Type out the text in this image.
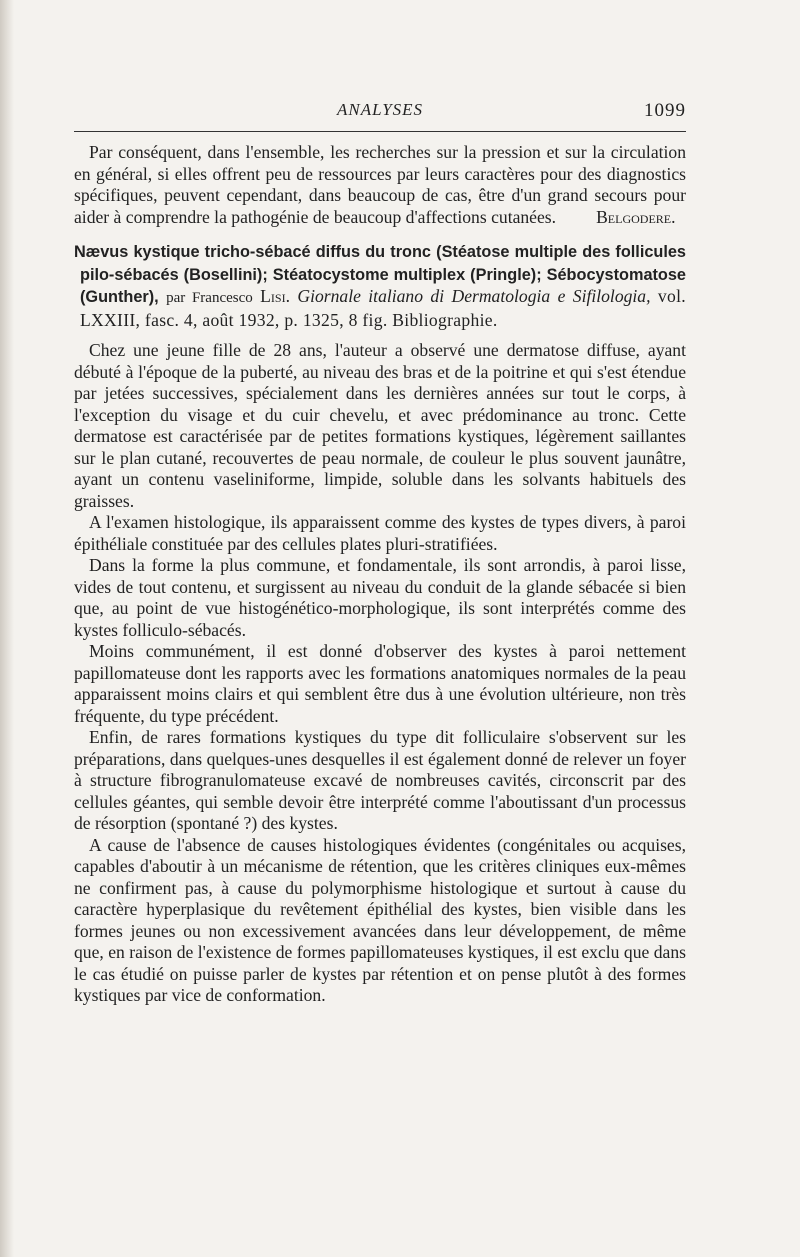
ANALYSES	1099

Par conséquent, dans l'ensemble, les recherches sur la pression et sur la circulation en général, si elles offrent peu de ressources par leurs caractères pour des diagnostics spécifiques, peuvent cependant, dans beaucoup de cas, être d'un grand secours pour aider à comprendre la pathogénie de beaucoup d'affections cutanées. Belgodere.

Nævus kystique tricho-sébacé diffus du tronc (Stéatose multiple des follicules pilo-sébacés (Bosellini); Stéatocystome multiplex (Pringle); Sébocystomatose (Gunther), par Francesco Lisi. Giornale italiano di Dermatologia e Sifilologia, vol. LXXIII, fasc. 4, août 1932, p. 1325, 8 fig. Bibliographie.

Chez une jeune fille de 28 ans, l'auteur a observé une dermatose diffuse, ayant débuté à l'époque de la puberté, au niveau des bras et de la poitrine et qui s'est étendue par jetées successives, spécialement dans les dernières années sur tout le corps, à l'exception du visage et du cuir chevelu, et avec prédominance au tronc. Cette dermatose est caractérisée par de petites formations kystiques, légèrement saillantes sur le plan cutané, recouvertes de peau normale, de couleur le plus souvent jaunâtre, ayant un contenu vaseliniforme, limpide, soluble dans les solvants habituels des graisses.

A l'examen histologique, ils apparaissent comme des kystes de types divers, à paroi épithéliale constituée par des cellules plates pluri-stratifiées.

Dans la forme la plus commune, et fondamentale, ils sont arrondis, à paroi lisse, vides de tout contenu, et surgissent au niveau du conduit de la glande sébacée si bien que, au point de vue histogénético-morphologique, ils sont interprétés comme des kystes folliculo-sébacés.

Moins communément, il est donné d'observer des kystes à paroi nettement papillomateuse dont les rapports avec les formations anatomiques normales de la peau apparaissent moins clairs et qui semblent être dus à une évolution ultérieure, non très fréquente, du type précédent.

Enfin, de rares formations kystiques du type dit folliculaire s'observent sur les préparations, dans quelques-unes desquelles il est également donné de relever un foyer à structure fibrogranulomateuse excavé de nombreuses cavités, circonscrit par des cellules géantes, qui semble devoir être interprété comme l'aboutissant d'un processus de résorption (spontané ?) des kystes.

A cause de l'absence de causes histologiques évidentes (congénitales ou acquises, capables d'aboutir à un mécanisme de rétention, que les critères cliniques eux-mêmes ne confirment pas, à cause du polymorphisme histologique et surtout à cause du caractère hyperplasique du revêtement épithélial des kystes, bien visible dans les formes jeunes ou non excessivement avancées dans leur développement, de même que, en raison de l'existence de formes papillomateuses kystiques, il est exclu que dans le cas étudié on puisse parler de kystes par rétention et on pense plutôt à des formes kystiques par vice de conformation.
